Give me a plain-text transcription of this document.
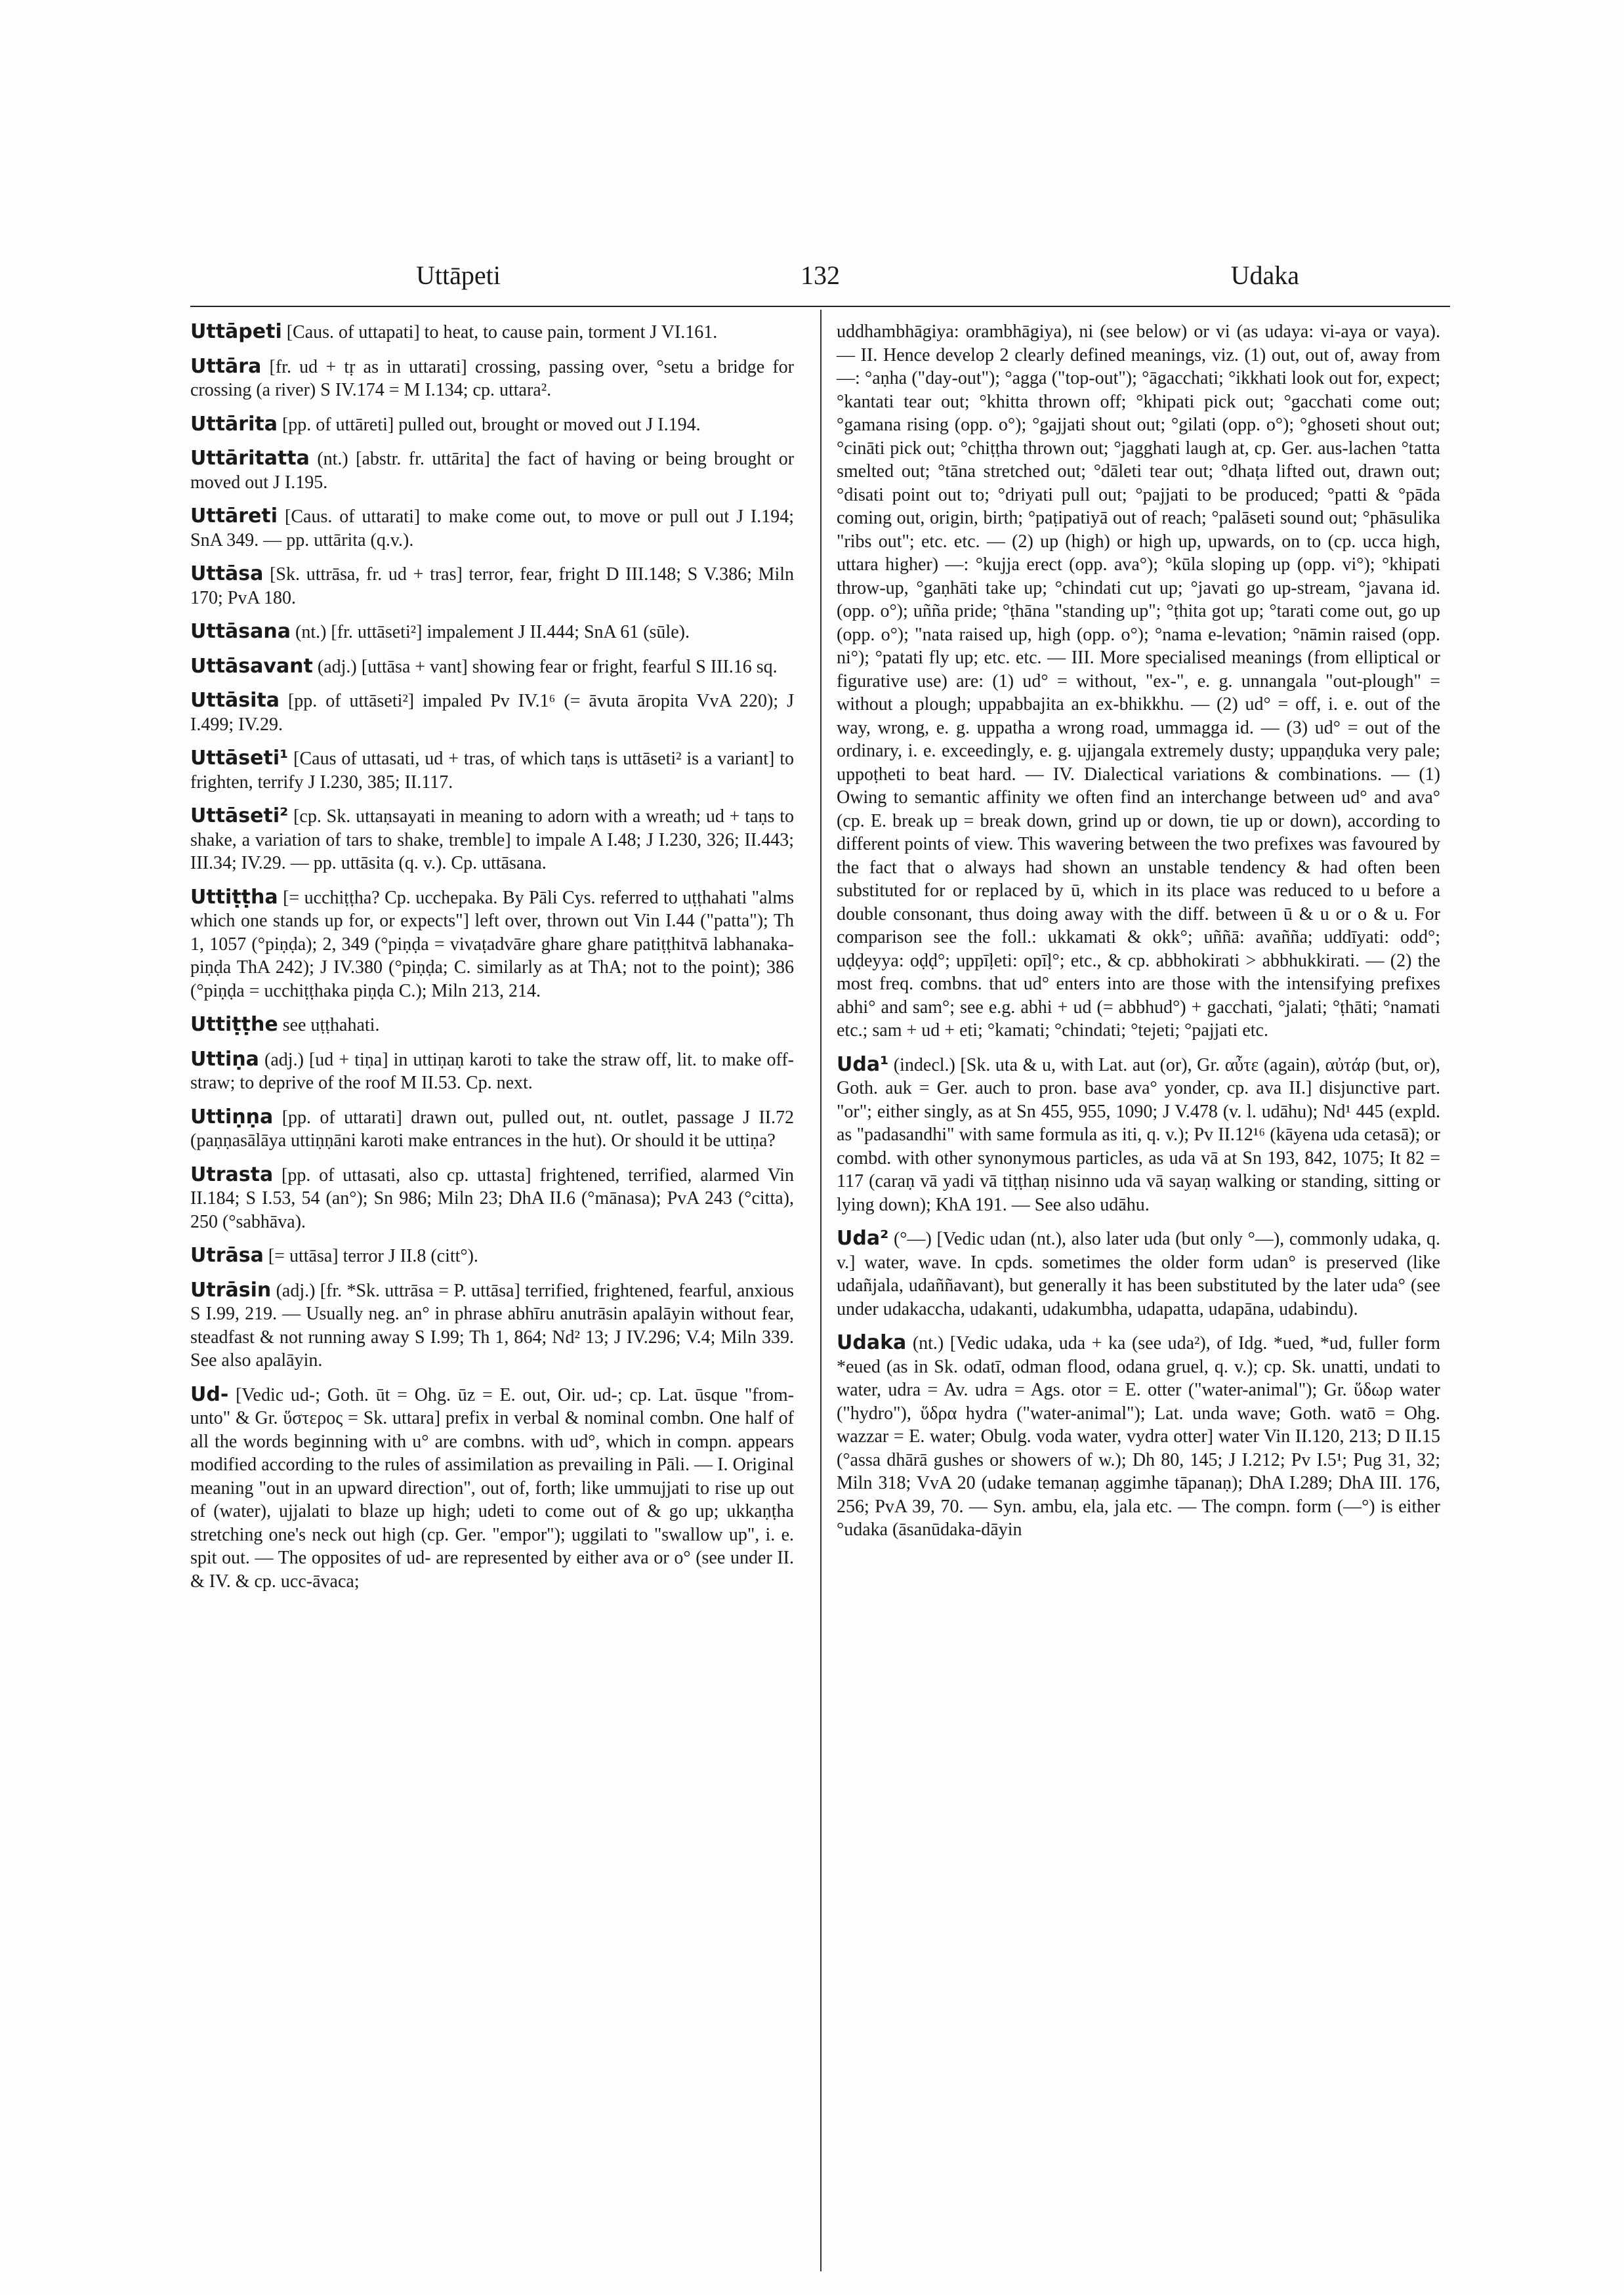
Uttāpeti	132	Udaka

Uttāpeti [Caus. of uttapati] to heat, to cause pain, torment J VI.161.

Uttāra [fr. ud + tṛ as in uttarati] crossing, passing over, °setu a bridge for crossing (a river) S IV.174 = M I.134; cp. uttara².

Uttārita [pp. of uttāreti] pulled out, brought or moved out J I.194.

Uttāritatta (nt.) [abstr. fr. uttārita] the fact of having or being brought or moved out J I.195.

Uttāreti [Caus. of uttarati] to make come out, to move or pull out J I.194; SnA 349. — pp. uttārita (q.v.).

Uttāsa [Sk. uttrāsa, fr. ud + tras] terror, fear, fright D III.148; S V.386; Miln 170; PvA 180.

Uttāsana (nt.) [fr. uttāseti²] impalement J II.444; SnA 61 (sūle).

Uttāsavant (adj.) [uttāsa + vant] showing fear or fright, fearful S III.16 sq.

Uttāsita [pp. of uttāseti²] impaled Pv IV.1⁶ (= āvuta āropita VvA 220); J I.499; IV.29.

Uttāseti¹ [Caus of uttasati, ud + tras, of which taṇs is uttāseti² is a variant] to frighten, terrify J I.230, 385; II.117.

Uttāseti² [cp. Sk. uttaṇsayati in meaning to adorn with a wreath; ud + taṇs to shake, a variation of tars to shake, tremble] to impale A I.48; J I.230, 326; II.443; III.34; IV.29. — pp. uttāsita (q. v.). Cp. uttāsana.

Uttiṭṭha [= ucchiṭṭha? Cp. ucchepaka. By Pāli Cys. referred to uṭṭhahati "alms which one stands up for, or expects"] left over, thrown out Vin I.44 ("patta"); Th 1, 1057 (°piṇḍa); 2, 349 (°piṇḍa = vivaṭadvāre ghare ghare patiṭṭhitvā labhanaka-piṇḍa ThA 242); J IV.380 (°piṇḍa; C. similarly as at ThA; not to the point); 386 (°piṇḍa = ucchiṭṭhaka piṇḍa C.); Miln 213, 214.

Uttiṭṭhe see uṭṭhahati.

Uttiṇa (adj.) [ud + tiṇa] in uttiṇaṇ karoti to take the straw off, lit. to make off-straw; to deprive of the roof M II.53. Cp. next.

Uttiṇṇa [pp. of uttarati] drawn out, pulled out, nt. outlet, passage J II.72 (paṇṇasālāya uttiṇṇāni karoti make entrances in the hut). Or should it be uttiṇa?

Utrasta [pp. of uttasati, also cp. uttasta] frightened, terrified, alarmed Vin II.184; S I.53, 54 (an°); Sn 986; Miln 23; DhA II.6 (°mānasa); PvA 243 (°citta), 250 (°sabhāva).

Utrāsa [= uttāsa] terror J II.8 (citt°).

Utrāsin (adj.) [fr. *Sk. uttrāsa = P. uttāsa] terrified, frightened, fearful, anxious S I.99, 219. — Usually neg. an° in phrase abhīru anutrāsin apalāyin without fear, steadfast & not running away S I.99; Th 1, 864; Nd² 13; J IV.296; V.4; Miln 339. See also apalāyin.

Ud- [Vedic ud-; Goth. ūt = Ohg. ūz = E. out, Oir. ud-; cp. Lat. ūsque "from-unto" & Gr. ὕστερος = Sk. uttara] prefix in verbal & nominal combn. One half of all the words beginning with u° are combns. with ud°, which in compn. appears modified according to the rules of assimilation as prevailing in Pāli. — I. Original meaning "out in an upward direction", out of, forth; like ummujjati to rise up out of (water), ujjalati to blaze up high; udeti to come out of & go up; ukkaṇṭha stretching one's neck out high (cp. Ger. "empor"); uggilati to "swallow up", i. e. spit out. — The opposites of ud- are represented by either ava or o° (see under II. & IV. & cp. ucc-āvaca;

uddhambhāgiya: orambhāgiya), ni (see below) or vi (as udaya: vi-aya or vaya). — II. Hence develop 2 clearly defined meanings, viz. (1) out, out of, away from —: °aṇha ("day-out"); °agga ("top-out"); °āgacchati; °ikkhati look out for, expect; °kantati tear out; °khitta thrown off; °khipati pick out; °gacchati come out; °gamana rising (opp. o°); °gajjati shout out; °gilati (opp. o°); °ghoseti shout out; °cināti pick out; °chiṭṭha thrown out; °jagghati laugh at, cp. Ger. aus-lachen °tatta smelted out; °tāna stretched out; °dāleti tear out; °dhaṭa lifted out, drawn out; °disati point out to; °driyati pull out; °pajjati to be produced; °patti & °pāda coming out, origin, birth; °paṭipatiyā out of reach; °palāseti sound out; °phāsulika "ribs out"; etc. etc. — (2) up (high) or high up, upwards, on to (cp. ucca high, uttara higher) —: °kujja erect (opp. ava°); °kūla sloping up (opp. vi°); °khipati throw-up, °gaṇhāti take up; °chindati cut up; °javati go up-stream, °javana id. (opp. o°); uñña pride; °ṭhāna "standing up"; °ṭhita got up; °tarati come out, go up (opp. o°); "nata raised up, high (opp. o°); °nama e-levation; °nāmin raised (opp. ni°); °patati fly up; etc. etc. — III. More specialised meanings (from elliptical or figurative use) are: (1) ud° = without, "ex-", e. g. unnangala "out-plough" = without a plough; uppabbajita an ex-bhikkhu. — (2) ud° = off, i. e. out of the way, wrong, e. g. uppatha a wrong road, ummagga id. — (3) ud° = out of the ordinary, i. e. exceedingly, e. g. ujjangala extremely dusty; uppaṇḍuka very pale; uppoṭheti to beat hard. — IV. Dialectical variations & combinations. — (1) Owing to semantic affinity we often find an interchange between ud° and ava° (cp. E. break up = break down, grind up or down, tie up or down), according to different points of view. This wavering between the two prefixes was favoured by the fact that o always had shown an unstable tendency & had often been substituted for or replaced by ū, which in its place was reduced to u before a double consonant, thus doing away with the diff. between ū & u or o & u. For comparison see the foll.: ukkamati & okk°; uññā: avañña; uddīyati: odd°; uḍḍeyya: oḍḍ°; uppīḷeti: opīḷ°; etc., & cp. abbhokirati > abbhukkirati. — (2) the most freq. combns. that ud° enters into are those with the intensifying prefixes abhi° and sam°; see e.g. abhi + ud (= abbhud°) + gacchati, °jalati; °ṭhāti; °namati etc.; sam + ud + eti; °kamati; °chindati; °tejeti; °pajjati etc.

Uda¹ (indecl.) [Sk. uta & u, with Lat. aut (or), Gr. αὖτε (again), αὐτάρ (but, or), Goth. auk = Ger. auch to pron. base ava° yonder, cp. ava II.] disjunctive part. "or"; either singly, as at Sn 455, 955, 1090; J V.478 (v. l. udāhu); Nd¹ 445 (expld. as "padasandhi" with same formula as iti, q. v.); Pv II.12¹⁶ (kāyena uda cetasā); or combd. with other synonymous particles, as uda vā at Sn 193, 842, 1075; It 82 = 117 (caraṇ vā yadi vā tiṭṭhaṇ nisinno uda vā sayaṇ walking or standing, sitting or lying down); KhA 191. — See also udāhu.

Uda² (°—) [Vedic udan (nt.), also later uda (but only °—), commonly udaka, q. v.] water, wave. In cpds. sometimes the older form udan° is preserved (like udañjala, udaññavant), but generally it has been substituted by the later uda° (see under udakaccha, udakanti, udakumbha, udapatta, udapāna, udabindu).

Udaka (nt.) [Vedic udaka, uda + ka (see uda²), of Idg. *ued, *ud, fuller form *eued (as in Sk. odatī, odman flood, odana gruel, q. v.); cp. Sk. unatti, undati to water, udra = Av. udra = Ags. otor = E. otter ("water-animal"); Gr. ὕδωρ water ("hydro"), ὕδρα hydra ("water-animal"); Lat. unda wave; Goth. watō = Ohg. wazzar = E. water; Obulg. voda water, vydra otter] water Vin II.120, 213; D II.15 (°assa dhārā gushes or showers of w.); Dh 80, 145; J I.212; Pv I.5¹; Pug 31, 32; Miln 318; VvA 20 (udake temanaṇ aggimhe tāpanaṇ); DhA I.289; DhA III. 176, 256; PvA 39, 70. — Syn. ambu, ela, jala etc. — The compn. form (—°) is either °udaka (āsanūdaka-dāyin
